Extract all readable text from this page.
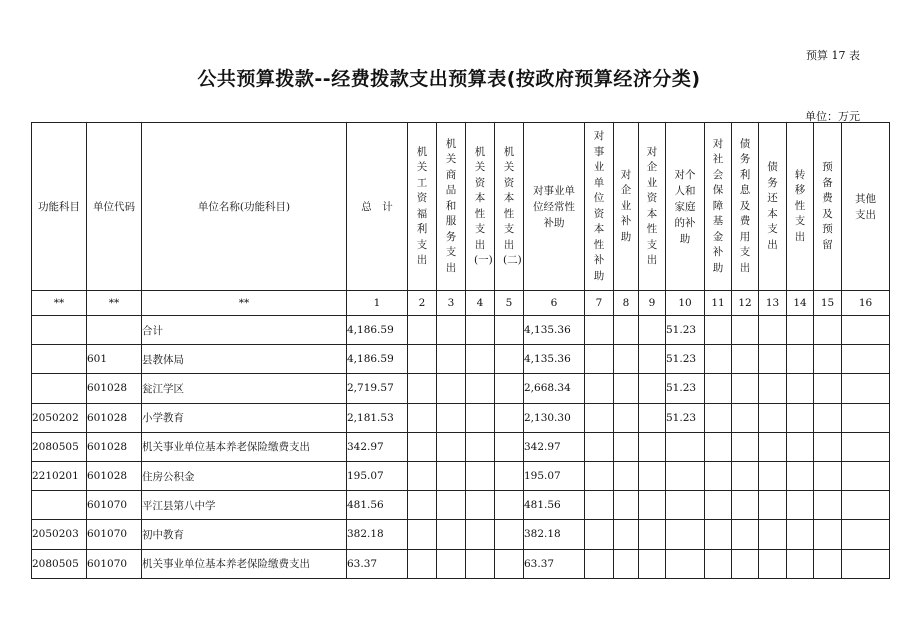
预算 17 表
公共预算拨款--经费拨款支出预算表(按政府预算经济分类)
单位：万元
功能科目	单位代码	单位名称(功能科目)	总　计	机关工资福利支出	机关商品和服务支出	机关资本性支出(一)	机关资本性支出(二)	对事业单位经常性补助	对事业单位资本性补助	对企业补助	对企业资本性支出	对个人和家庭的补助	对社会保障基金补助	债务利息及费用支出	债务还本支出	转移性支出	预备费及预留	其他支出
**	**	**	1	2	3	4	5	6	7	8	9	10	11	12	13	14	15	16
		合计	4,186.59					4,135.36				51.23						
	601	县教体局	4,186.59					4,135.36				51.23						
	601028	瓮江学区	2,719.57					2,668.34				51.23						
2050202	601028	小学教育	2,181.53					2,130.30				51.23						
2080505	601028	机关事业单位基本养老保险缴费支出	342.97					342.97										
2210201	601028	住房公积金	195.07					195.07										
	601070	平江县第八中学	481.56					481.56										
2050203	601070	初中教育	382.18					382.18										
2080505	601070	机关事业单位基本养老保险缴费支出	63.37					63.37										
